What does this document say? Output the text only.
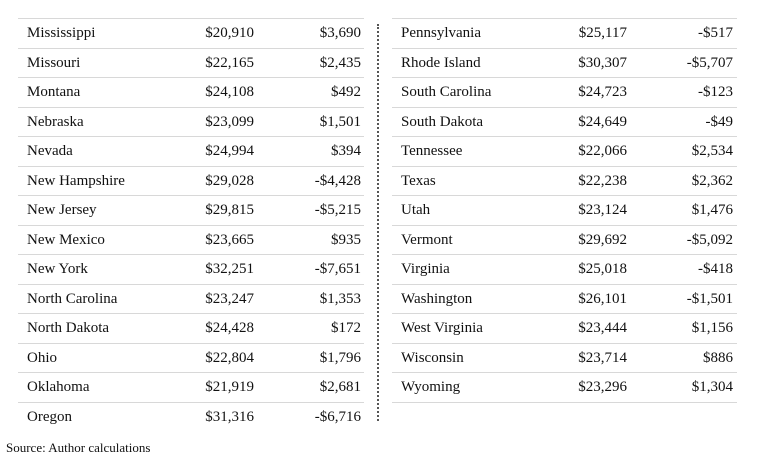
Mississippi	$20,910	$3,690
Missouri	$22,165	$2,435
Montana	$24,108	$492
Nebraska	$23,099	$1,501
Nevada	$24,994	$394
New Hampshire	$29,028	-$4,428
New Jersey	$29,815	-$5,215
New Mexico	$23,665	$935
New York	$32,251	-$7,651
North Carolina	$23,247	$1,353
North Dakota	$24,428	$172
Ohio	$22,804	$1,796
Oklahoma	$21,919	$2,681
Oregon	$31,316	-$6,716
Pennsylvania	$25,117	-$517
Rhode Island	$30,307	-$5,707
South Carolina	$24,723	-$123
South Dakota	$24,649	-$49
Tennessee	$22,066	$2,534
Texas	$22,238	$2,362
Utah	$23,124	$1,476
Vermont	$29,692	-$5,092
Virginia	$25,018	-$418
Washington	$26,101	-$1,501
West Virginia	$23,444	$1,156
Wisconsin	$23,714	$886
Wyoming	$23,296	$1,304
Source: Author calculations
